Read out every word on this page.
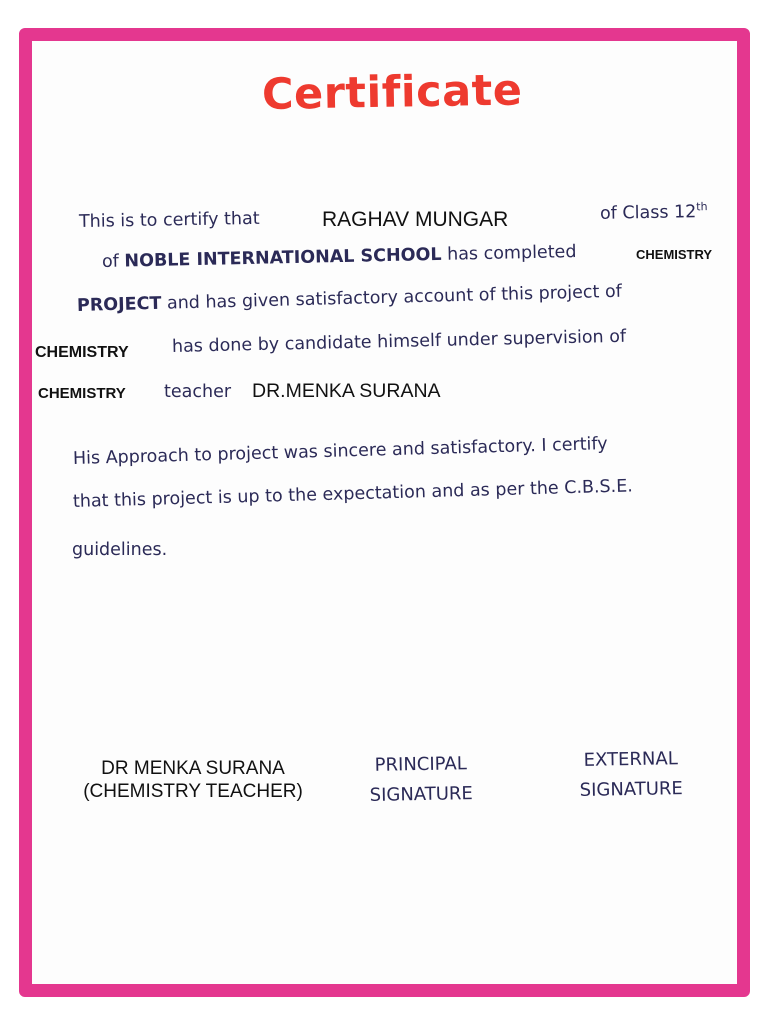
Certificate
This is to certify that	RAGHAV MUNGAR	of Class 12th
of NOBLE INTERNATIONAL SCHOOL has completed	CHEMISTRY
PROJECT and has given satisfactory account of this project of
CHEMISTRY has done by candidate himself under supervision of
CHEMISTRY teacher DR.MENKA SURANA
His Approach to project was sincere and satisfactory. I certify
that this project is up to the expectation and as per the C.B.S.E.
guidelines.
DR MENKA SURANA
(CHEMISTRY TEACHER)
PRINCIPAL
SIGNATURE
EXTERNAL
SIGNATURE
